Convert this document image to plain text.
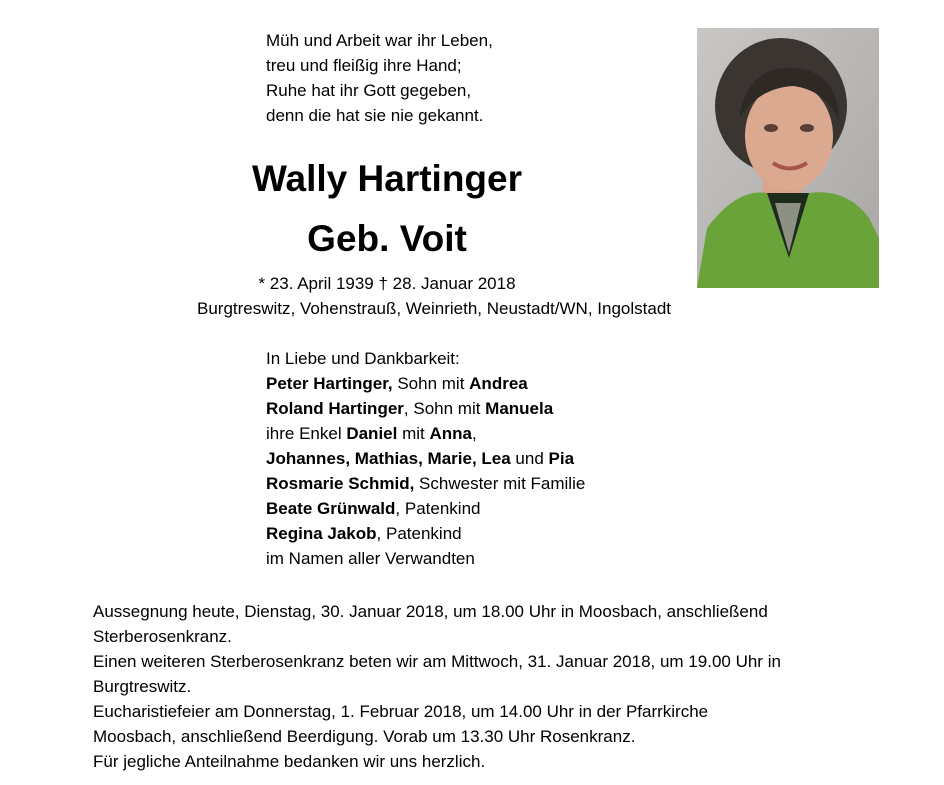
Müh und Arbeit war ihr Leben,
treu und fleißig ihre Hand;
Ruhe hat ihr Gott gegeben,
denn die hat sie nie gekannt.
Wally Hartinger
Geb. Voit
* 23. April 1939 † 28. Januar 2018
Burgtreswitz, Vohenstrauß, Weinrieth, Neustadt/WN, Ingolstadt
In Liebe und Dankbarkeit:
Peter Hartinger, Sohn mit Andrea
Roland Hartinger, Sohn mit Manuela
ihre Enkel Daniel mit Anna,
Johannes, Mathias, Marie, Lea und Pia
Rosmarie Schmid, Schwester mit Familie
Beate Grünwald, Patenkind
Regina Jakob, Patenkind
im Namen aller Verwandten
Aussegnung heute, Dienstag, 30. Januar 2018, um 18.00 Uhr in Moosbach, anschließend
Sterberosenkranz.
Einen weiteren Sterberosenkranz beten wir am Mittwoch, 31. Januar 2018, um 19.00 Uhr in
Burgtreswitz.
Eucharistiefeier am Donnerstag, 1. Februar 2018, um 14.00 Uhr in der Pfarrkirche
Moosbach, anschließend Beerdigung. Vorab um 13.30 Uhr Rosenkranz.
Für jegliche Anteilnahme bedanken wir uns herzlich.
